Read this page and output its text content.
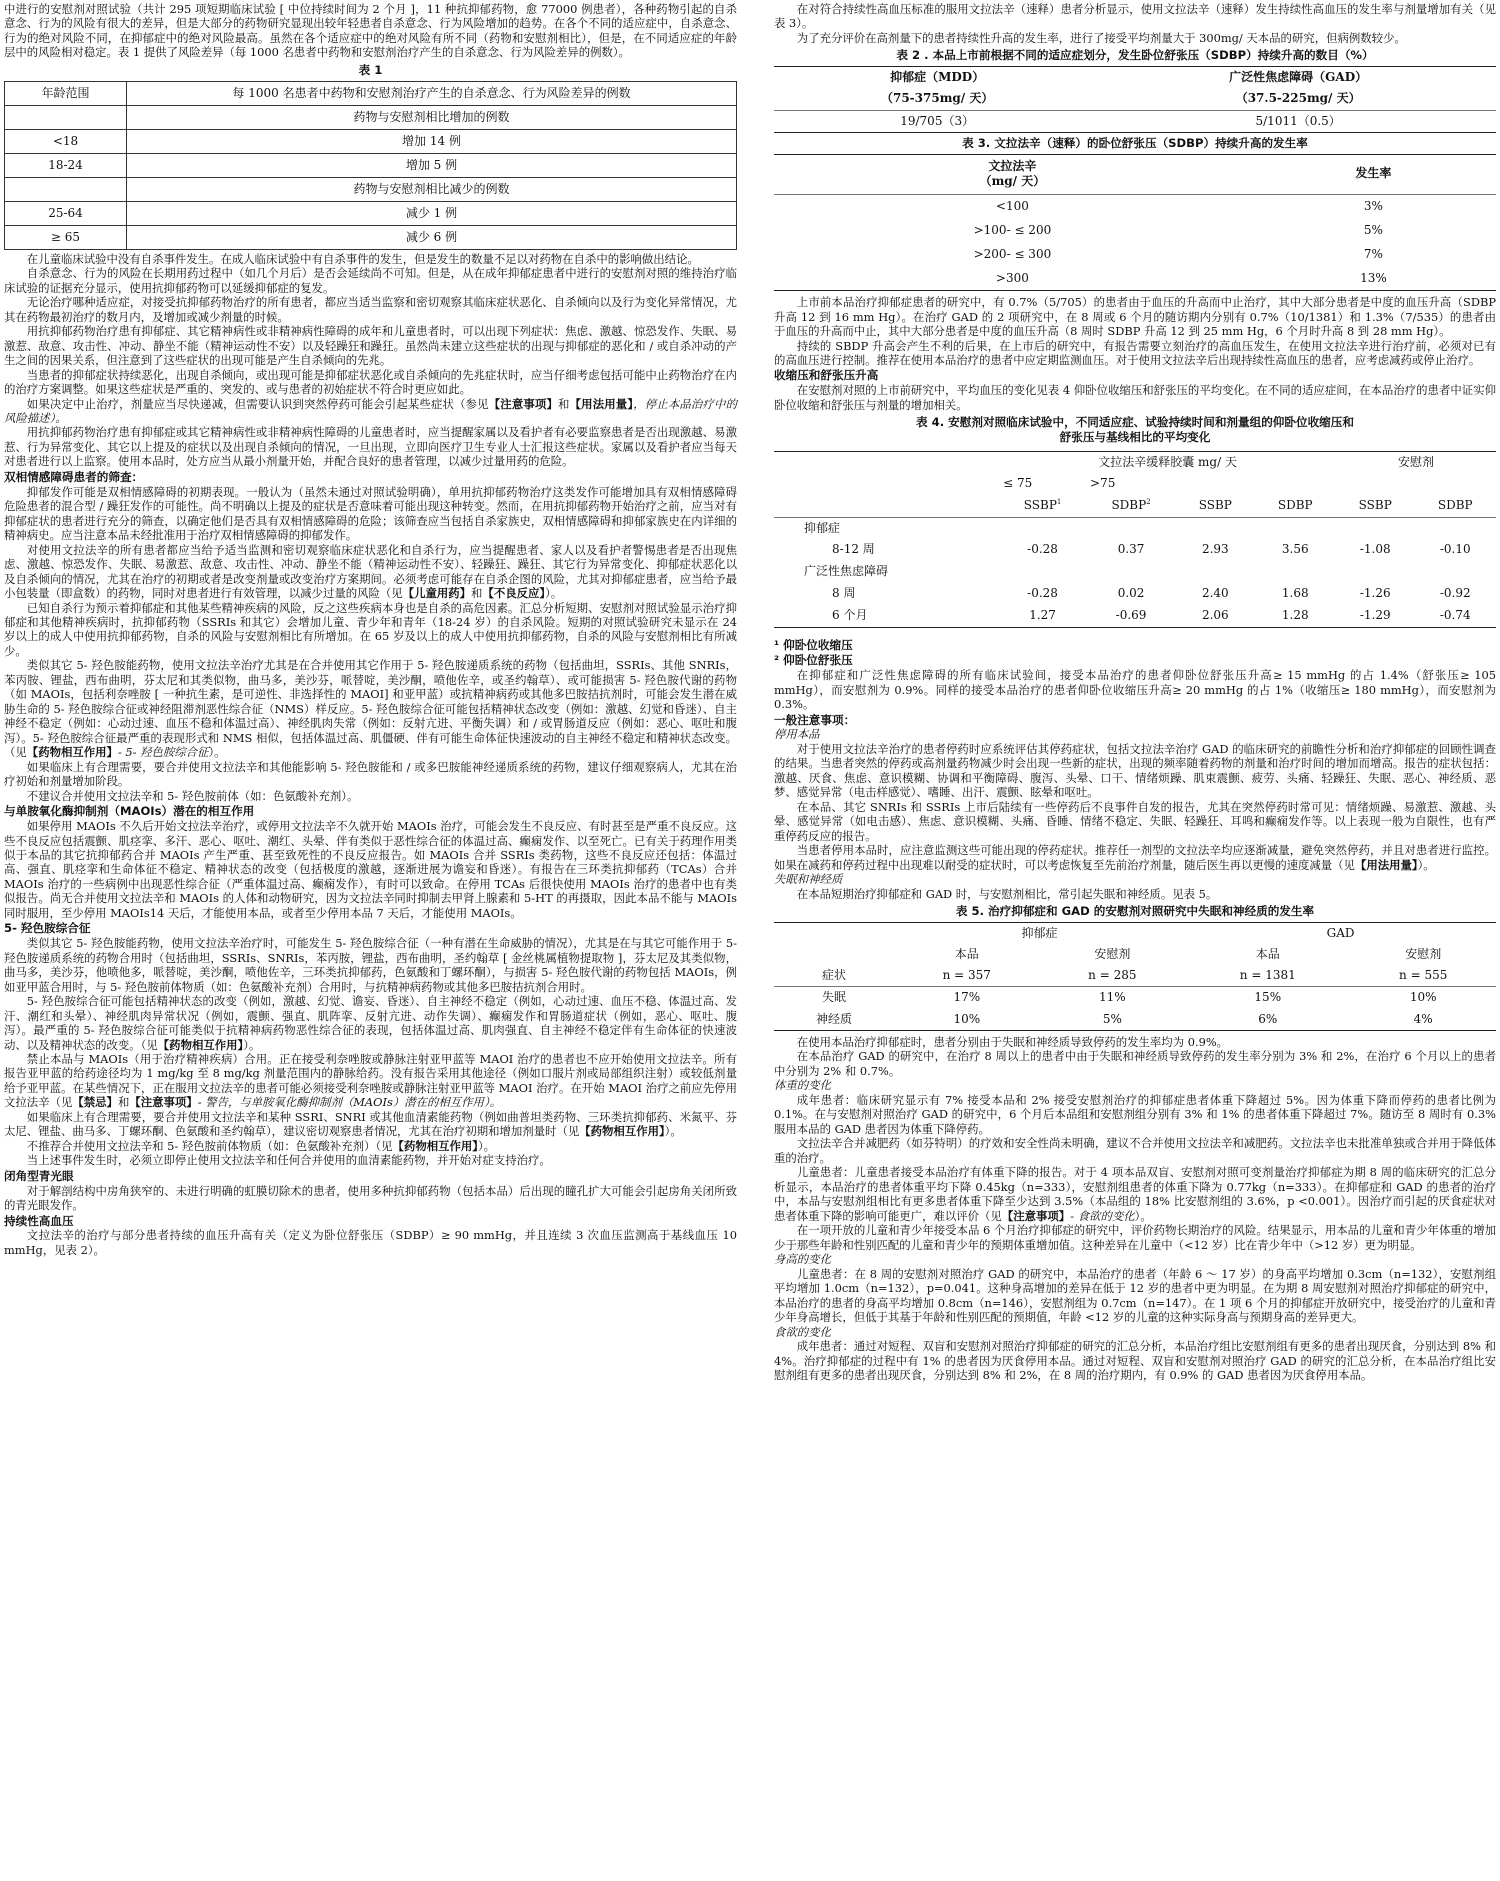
中进行的安慰剂对照试验（共计 295 项短期临床试验 [ 中位持续时间为 2 个月 ]，11 种抗抑郁药物，愈 77000 例患者），各种药物引起的自杀意念、行为的风险有很大的差异，但是大部分的药物研究显现出较年轻患者自杀意念、行为风险增加的趋势。在各个不同的适应症中，自杀意念、行为的绝对风险不同，在抑郁症中的绝对风险最高。虽然在各个适应症中的绝对风险有所不同（药物和安慰剂相比），但是，在不同适应症的年龄层中的风险相对稳定。表 1 提供了风险差异（每 1000 名患者中药物和安慰剂治疗产生的自杀意念、行为风险差异的例数）。

表 1
年龄范围	每 1000 名患者中药物和安慰剂治疗产生的自杀意念、行为风险差异的例数
	药物与安慰剂相比增加的例数
<18	增加 14 例
18-24	增加 5 例
	药物与安慰剂相比减少的例数
25-64	减少 1 例
≥ 65	减少 6 例

在儿童临床试验中没有自杀事件发生。在成人临床试验中有自杀事件的发生，但是发生的数量不足以对药物在自杀中的影响做出结论。

自杀意念、行为的风险在长期用药过程中（如几个月后）是否会延续尚不可知。但是，从在成年抑郁症患者中进行的安慰剂对照的维持治疗临床试验的证据充分显示，使用抗抑郁药物可以延缓抑郁症的复发。

无论治疗哪种适应症，对接受抗抑郁药物治疗的所有患者，都应当适当监察和密切观察其临床症状恶化、自杀倾向以及行为变化异常情况，尤其在药物最初治疗的数月内，及增加或减少剂量的时候。

用抗抑郁药物治疗患有抑郁症、其它精神病性或非精神病性障碍的成年和儿童患者时，可以出现下列症状：焦虑、激越、惊恐发作、失眠、易激惹、敌意、攻击性、冲动、静坐不能（精神运动性不安）以及轻躁狂和躁狂。虽然尚未建立这些症状的出现与抑郁症的恶化和 / 或自杀冲动的产生之间的因果关系，但注意到了这些症状的出现可能是产生自杀倾向的先兆。

当患者的抑郁症状持续恶化，出现自杀倾向，或出现可能是抑郁症状恶化或自杀倾向的先兆症状时，应当仔细考虑包括可能中止药物治疗在内的治疗方案调整。如果这些症状是严重的、突发的、或与患者的初始症状不符合时更应如此。

如果决定中止治疗，剂量应当尽快递减，但需要认识到突然停药可能会引起某些症状（参见【注意事项】和【用法用量】，停止本品治疗中的风险描述）。

用抗抑郁药物治疗患有抑郁症或其它精神病性或非精神病性障碍的儿童患者时，应当提醒家属以及看护者有必要监察患者是否出现激越、易激惹、行为异常变化、其它以上提及的症状以及出现自杀倾向的情况，一旦出现，立即向医疗卫生专业人士汇报这些症状。家属以及看护者应当每天对患者进行以上监察。使用本品时，处方应当从最小剂量开始，并配合良好的患者管理，以减少过量用药的危险。

双相情感障碍患者的筛查：

抑郁发作可能是双相情感障碍的初期表现。一般认为（虽然未通过对照试验明确），单用抗抑郁药物治疗这类发作可能增加具有双相情感障碍危险患者的混合型 / 躁狂发作的可能性。尚不明确以上提及的症状是否意味着可能出现这种转变。然而，在用抗抑郁药物开始治疗之前，应当对有抑郁症状的患者进行充分的筛查，以确定他们是否具有双相情感障碍的危险；该筛查应当包括自杀家族史，双相情感障碍和抑郁家族史在内详细的精神病史。应当注意本品未经批准用于治疗双相情感障碍的抑郁发作。

对使用文拉法辛的所有患者都应当给予适当监测和密切观察临床症状恶化和自杀行为，应当提醒患者、家人以及看护者警惕患者是否出现焦虑、激越、惊恐发作、失眠、易激惹、敌意、攻击性、冲动、静坐不能（精神运动性不安）、轻躁狂、躁狂、其它行为异常变化、抑郁症状恶化以及自杀倾向的情况，尤其在治疗的初期或者是改变剂量或改变治疗方案期间。必须考虑可能存在自杀企图的风险，尤其对抑郁症患者，应当给予最小包装量（即盒数）的药物，同时对患者进行有效管理，以减少过量的风险（见【儿童用药】和【不良反应】）。

已知自杀行为预示着抑郁症和其他某些精神疾病的风险，反之这些疾病本身也是自杀的高危因素。汇总分析短期、安慰剂对照试验显示治疗抑郁症和其他精神疾病时，抗抑郁药物（SSRIs 和其它）会增加儿童、青少年和青年（18-24 岁）的自杀风险。短期的对照试验研究未显示在 24 岁以上的成人中使用抗抑郁药物，自杀的风险与安慰剂相比有所增加。在 65 岁及以上的成人中使用抗抑郁药物，自杀的风险与安慰剂相比有所减少。

类似其它 5- 羟色胺能药物，使用文拉法辛治疗尤其是在合并使用其它作用于 5- 羟色胺递质系统的药物（包括曲坦，SSRIs、其他 SNRIs，苯丙胺、锂盐，西布曲明，芬太尼和其类似物，曲马多，美沙芬，哌替啶，美沙酮，喷他佐辛，或圣约翰草）、或可能损害 5- 羟色胺代谢的药物（如 MAOIs，包括利奈唑胺 [ 一种抗生素，是可逆性、非选择性的 MAOI] 和亚甲蓝）或抗精神病药或其他多巴胺拮抗剂时，可能会发生潜在威胁生命的 5- 羟色胺综合征或神经阻滞剂恶性综合征（NMS）样反应。5- 羟色胺综合征可能包括精神状态改变（例如：激越、幻觉和昏迷）、自主神经不稳定（例如：心动过速、血压不稳和体温过高）、神经肌肉失常（例如：反射亢进、平衡失调）和 / 或胃肠道反应（例如：恶心、呕吐和腹泻）。5- 羟色胺综合征最严重的表现形式和 NMS 相似，包括体温过高、肌僵硬、伴有可能生命体征快速波动的自主神经不稳定和精神状态改变。（见【药物相互作用】- 5- 羟色胺综合征）。

如果临床上有合理需要，要合并使用文拉法辛和其他能影响 5- 羟色胺能和 / 或多巴胺能神经递质系统的药物，建议仔细观察病人，尤其在治疗初始和剂量增加阶段。

不建议合并使用文拉法辛和 5- 羟色胺前体（如：色氨酸补充剂）。

与单胺氧化酶抑制剂（MAOIs）潜在的相互作用

如果停用 MAOIs 不久后开始文拉法辛治疗，或停用文拉法辛不久就开始 MAOIs 治疗，可能会发生不良反应、有时甚至是严重不良反应。这些不良反应包括震颤、肌痉挛、多汗、恶心、呕吐、潮红、头晕、伴有类似于恶性综合征的体温过高、癫痫发作、以至死亡。已有关于药理作用类似于本品的其它抗抑郁药合并 MAOIs 产生严重、甚至致死性的不良反应报告。如 MAOIs 合并 SSRIs 类药物，这些不良反应还包括：体温过高、强直、肌痉挛和生命体征不稳定、精神状态的改变（包括极度的激越，逐渐进展为谵妄和昏迷）。有报告在三环类抗抑郁药（TCAs）合并 MAOIs 治疗的一些病例中出现恶性综合征（严重体温过高、癫痫发作），有时可以致命。在停用 TCAs 后很快使用 MAOIs 治疗的患者中也有类似报告。尚无合并使用文拉法辛和 MAOIs 的人体和动物研究，因为文拉法辛同时抑制去甲肾上腺素和 5-HT 的再摄取，因此本品不能与 MAOIs 同时服用，至少停用 MAOIs14 天后，才能使用本品，或者至少停用本品 7 天后，才能使用 MAOIs。

5- 羟色胺综合征

类似其它 5- 羟色胺能药物，使用文拉法辛治疗时，可能发生 5- 羟色胺综合征（一种有潜在生命威胁的情况），尤其是在与其它可能作用于 5- 羟色胺递质系统的药物合用时（包括曲坦，SSRIs、SNRIs，苯丙胺，锂盐，西布曲明，圣约翰草 [ 金丝桃属植物提取物 ]，芬太尼及其类似物，曲马多，美沙芬，他喷他多，哌替啶，美沙酮，喷他佐辛，三环类抗抑郁药，色氨酸和丁螺环酮），与损害 5- 羟色胺代谢的药物包括 MAOIs，例如亚甲蓝合用时，与 5- 羟色胺前体物质（如：色氨酸补充剂）合用时，与抗精神病药物或其他多巴胺拮抗剂合用时。

5- 羟色胺综合征可能包括精神状态的改变（例如，激越、幻觉、谵妄、昏迷）、自主神经不稳定（例如，心动过速、血压不稳、体温过高、发汗、潮红和头晕）、神经肌肉异常状况（例如，震颤、强直、肌阵挛、反射亢进、动作失调）、癫痫发作和胃肠道症状（例如，恶心、呕吐、腹泻）。最严重的 5- 羟色胺综合征可能类似于抗精神病药物恶性综合征的表现，包括体温过高、肌肉强直、自主神经不稳定伴有生命体征的快速波动、以及精神状态的改变。（见【药物相互作用】）。

禁止本品与 MAOIs（用于治疗精神疾病）合用。正在接受利奈唑胺或静脉注射亚甲蓝等 MAOI 治疗的患者也不应开始使用文拉法辛。所有报告亚甲蓝的给药途径均为 1 mg/kg 至 8 mg/kg 剂量范围内的静脉给药。没有报告采用其他途径（例如口服片剂或局部组织注射）或较低剂量给予亚甲蓝。在某些情况下，正在服用文拉法辛的患者可能必须接受利奈唑胺或静脉注射亚甲蓝等 MAOI 治疗。在开始 MAOI 治疗之前应先停用文拉法辛（见【禁忌】和【注意事项】- 警告，与单胺氧化酶抑制剂（MAOIs）潜在的相互作用）。

如果临床上有合理需要，要合并使用文拉法辛和某种 SSRI、SNRI 或其他血清素能药物（例如曲普坦类药物、三环类抗抑郁药、米氮平、芬太尼、锂盐、曲马多、丁螺环酮、色氨酸和圣约翰草），建议密切观察患者情况，尤其在治疗初期和增加剂量时（见【药物相互作用】）。

不推荐合并使用文拉法辛和 5- 羟色胺前体物质（如：色氨酸补充剂）（见【药物相互作用】）。

当上述事件发生时，必须立即停止使用文拉法辛和任何合并使用的血清素能药物，并开始对症支持治疗。

闭角型青光眼

对于解剖结构中房角狭窄的、未进行明确的虹膜切除术的患者，使用多种抗抑郁药物（包括本品）后出现的瞳孔扩大可能会引起房角关闭所致的青光眼发作。

持续性高血压

文拉法辛的治疗与部分患者持续的血压升高有关（定义为卧位舒张压（SDBP）≥ 90 mmHg，并且连续 3 次血压监测高于基线血压 10 mmHg，见表 2）。

在对符合持续性高血压标准的服用文拉法辛（速释）患者分析显示，使用文拉法辛（速释）发生持续性高血压的发生率与剂量增加有关（见表 3）。

为了充分评价在高剂量下的患者持续性升高的发生率，进行了接受平均剂量大于 300mg/ 天本品的研究，但病例数较少。

表 2 . 本品上市前根据不同的适应症划分，发生卧位舒张压（SDBP）持续升高的数目（%）
抑郁症（MDD）	广泛性焦虑障碍（GAD）
（75-375mg/ 天）	（37.5-225mg/ 天）
19/705（3）	5/1011（0.5）
表 3. 文拉法辛（速释）的卧位舒张压（SDBP）持续升高的发生率
文拉法辛
（mg/ 天）	发生率

<100	3%
>100- ≤ 200	5%
>200- ≤ 300	7%
>300	13%

上市前本品治疗抑郁症患者的研究中，有 0.7%（5/705）的患者由于血压的升高而中止治疗，其中大部分患者是中度的血压升高（SDBP 升高 12 到 16 mm Hg）。在治疗 GAD 的 2 项研究中，在 8 周或 6 个月的随访期内分别有 0.7%（10/1381）和 1.3%（7/535）的患者由于血压的升高而中止，其中大部分患者是中度的血压升高（8 周时 SDBP 升高 12 到 25 mm Hg，6 个月时升高 8 到 28 mm Hg）。

持续的 SBDP 升高会产生不利的后果，在上市后的研究中，有报告需要立刻治疗的高血压发生，在使用文拉法辛进行治疗前，必须对已有的高血压进行控制。推荐在使用本品治疗的患者中应定期监测血压。对于使用文拉法辛后出现持续性高血压的患者，应考虑减药或停止治疗。

收缩压和舒张压升高

在安慰剂对照的上市前研究中，平均血压的变化见表 4 仰卧位收缩压和舒张压的平均变化。在不同的适应症间，在本品治疗的患者中证实仰卧位收缩和舒张压与剂量的增加相关。

表 4. 安慰剂对照临床试验中，不同适应症、试验持续时间和剂量组的仰卧位收缩压和
舒张压与基线相比的平均变化
	文拉法辛缓释胶囊 mg/ 天				安慰剂	
	≤ 75	>75				
	SSBP$^1$	SDBP$^2$	SSBP	SDBP	SSBP	SDBP
抑郁症						
8-12 周	-0.28	0.37	2.93	3.56	-1.08	-0.10
广泛性焦虑障碍						
8 周	-0.28	0.02	2.40	1.68	-1.26	-0.92
6 个月	1.27	-0.69	2.06	1.28	-1.29	-0.74
¹ 仰卧位收缩压
² 仰卧位舒张压

在抑郁症和广泛性焦虑障碍的所有临床试验间，接受本品治疗的患者仰卧位舒张压升高≥ 15 mmHg 的占 1.4%（舒张压≥ 105 mmHg），而安慰剂为 0.9%。同样的接受本品治疗的患者仰卧位收缩压升高≥ 20 mmHg 的占 1%（收缩压≥ 180 mmHg），而安慰剂为 0.3%。

一般注意事项：
停用本品

对于使用文拉法辛治疗的患者停药时应系统评估其停药症状，包括文拉法辛治疗 GAD 的临床研究的前瞻性分析和治疗抑郁症的回顾性调查的结果。当患者突然的停药或高剂量药物减少时会出现一些新的症状，出现的频率随着药物的剂量和治疗时间的增加而增高。报告的症状包括：激越、厌食、焦虑、意识模糊、协调和平衡障碍、腹泻、头晕、口干、情绪烦躁、肌束震颤、疲劳、头痛、轻躁狂、失眠、恶心、神经质、恶梦、感觉异常（电击样感觉）、嗜睡、出汗、震颤、眩晕和呕吐。

在本品、其它 SNRIs 和 SSRIs 上市后陆续有一些停药后不良事件自发的报告，尤其在突然停药时常可见：情绪烦躁、易激惹、激越、头晕、感觉异常（如电击感）、焦虑、意识模糊、头痛、昏睡、情绪不稳定、失眠、轻躁狂、耳鸣和癫痫发作等。以上表现一般为自限性，也有严重停药反应的报告。

当患者停用本品时，应注意监测这些可能出现的停药症状。推荐任一剂型的文拉法辛均应逐渐减量，避免突然停药，并且对患者进行监控。如果在减药和停药过程中出现难以耐受的症状时，可以考虑恢复至先前治疗剂量，随后医生再以更慢的速度减量（见【用法用量】）。

失眠和神经质

在本品短期治疗抑郁症和 GAD 时，与安慰剂相比，常引起失眠和神经质。见表 5。

表 5. 治疗抑郁症和 GAD 的安慰剂对照研究中失眠和神经质的发生率
	抑郁症		GAD	
	本品	安慰剂	本品	安慰剂
症状	n = 357	n = 285	n = 1381	n = 555
失眠	17%	11%	15%	10%
神经质	10%	5%	6%	4%

在使用本品治疗抑郁症时，患者分别由于失眠和神经质导致停药的发生率均为 0.9%。

在本品治疗 GAD 的研究中，在治疗 8 周以上的患者中由于失眠和神经质导致停药的发生率分别为 3% 和 2%，在治疗 6 个月以上的患者中分别为 2% 和 0.7%。

体重的变化

成年患者：临床研究显示有 7% 接受本品和 2% 接受安慰剂治疗的抑郁症患者体重下降超过 5%。因为体重下降而停药的患者比例为 0.1%。在与安慰剂对照治疗 GAD 的研究中，6 个月后本品组和安慰剂组分别有 3% 和 1% 的患者体重下降超过 7%。随访至 8 周时有 0.3% 服用本品的 GAD 患者因为体重下降停药。

文拉法辛合并减肥药（如芬特明）的疗效和安全性尚未明确，建议不合并使用文拉法辛和减肥药。文拉法辛也未批准单独或合并用于降低体重的治疗。

儿童患者：儿童患者接受本品治疗有体重下降的报告。对于 4 项本品双盲、安慰剂对照可变剂量治疗抑郁症为期 8 周的临床研究的汇总分析显示，本品治疗的患者体重平均下降 0.45kg（n=333），安慰剂组患者的体重下降为 0.77kg（n=333）。在抑郁症和 GAD 的患者的治疗中，本品与安慰剂组相比有更多患者体重下降至少达到 3.5%（本品组的 18% 比安慰剂组的 3.6%，p <0.001）。因治疗而引起的厌食症状对患者体重下降的影响可能更广，难以评价（见【注意事项】- 食欲的变化）。

在一项开放的儿童和青少年接受本品 6 个月治疗抑郁症的研究中，评价药物长期治疗的风险。结果显示，用本品的儿童和青少年体重的增加少于那些年龄和性别匹配的儿童和青少年的预期体重增加值。这种差异在儿童中（<12 岁）比在青少年中（>12 岁）更为明显。

身高的变化

儿童患者：在 8 周的安慰剂对照治疗 GAD 的研究中，本品治疗的患者（年龄 6 ～ 17 岁）的身高平均增加 0.3cm（n=132），安慰剂组平均增加 1.0cm（n=132），p=0.041。这种身高增加的差异在低于 12 岁的患者中更为明显。在为期 8 周安慰剂对照治疗抑郁症的研究中，本品治疗的患者的身高平均增加 0.8cm（n=146），安慰剂组为 0.7cm（n=147）。在 1 项 6 个月的抑郁症开放研究中，接受治疗的儿童和青少年身高增长，但低于其基于年龄和性别匹配的预期值，年龄 <12 岁的儿童的这种实际身高与预期身高的差异更大。

食欲的变化

成年患者：通过对短程、双盲和安慰剂对照治疗抑郁症的研究的汇总分析，本品治疗组比安慰剂组有更多的患者出现厌食，分别达到 8% 和 4%。治疗抑郁症的过程中有 1% 的患者因为厌食停用本品。通过对短程、双盲和安慰剂对照治疗 GAD 的研究的汇总分析，在本品治疗组比安慰剂组有更多的患者出现厌食，分别达到 8% 和 2%，在 8 周的治疗期内，有 0.9% 的 GAD 患者因为厌食停用本品。
